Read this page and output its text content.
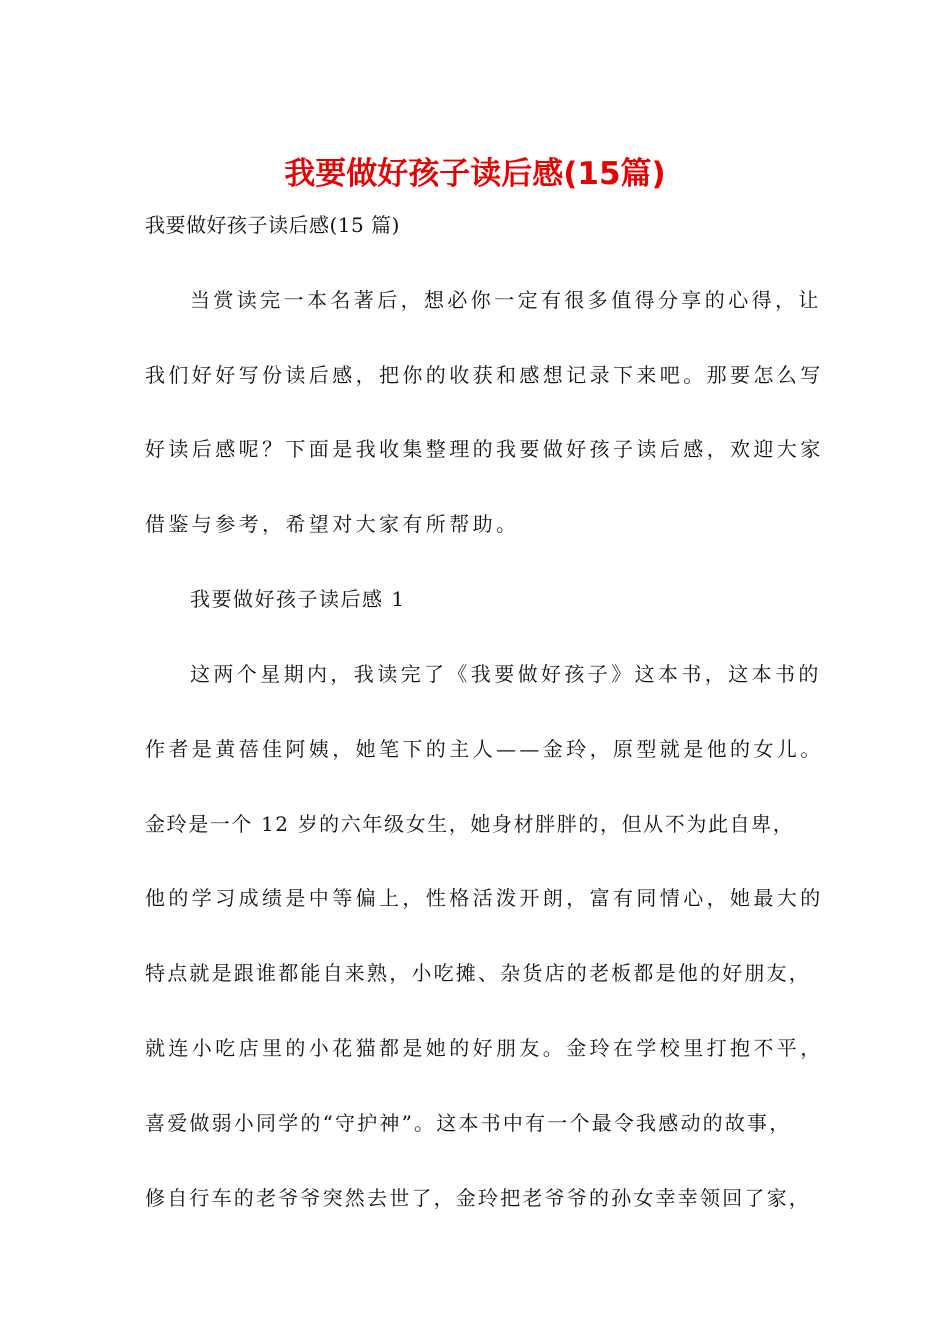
我要做好孩子读后感(15篇)
我要做好孩子读后感(15 篇)
当赏读完一本名著后，想必你一定有很多值得分享的心得，让
我们好好写份读后感，把你的收获和感想记录下来吧。那要怎么写
好读后感呢？下面是我收集整理的我要做好孩子读后感，欢迎大家
借鉴与参考，希望对大家有所帮助。
我要做好孩子读后感 1
这两个星期内，我读完了《我要做好孩子》这本书，这本书的
作者是黄蓓佳阿姨，她笔下的主人——金玲，原型就是他的女儿。
金玲是一个 12 岁的六年级女生，她身材胖胖的，但从不为此自卑，
他的学习成绩是中等偏上，性格活泼开朗，富有同情心，她最大的
特点就是跟谁都能自来熟，小吃摊、杂货店的老板都是他的好朋友，
就连小吃店里的小花猫都是她的好朋友。金玲在学校里打抱不平，
喜爱做弱小同学的“守护神”。这本书中有一个最令我感动的故事，
修自行车的老爷爷突然去世了，金玲把老爷爷的孙女幸幸领回了家，
